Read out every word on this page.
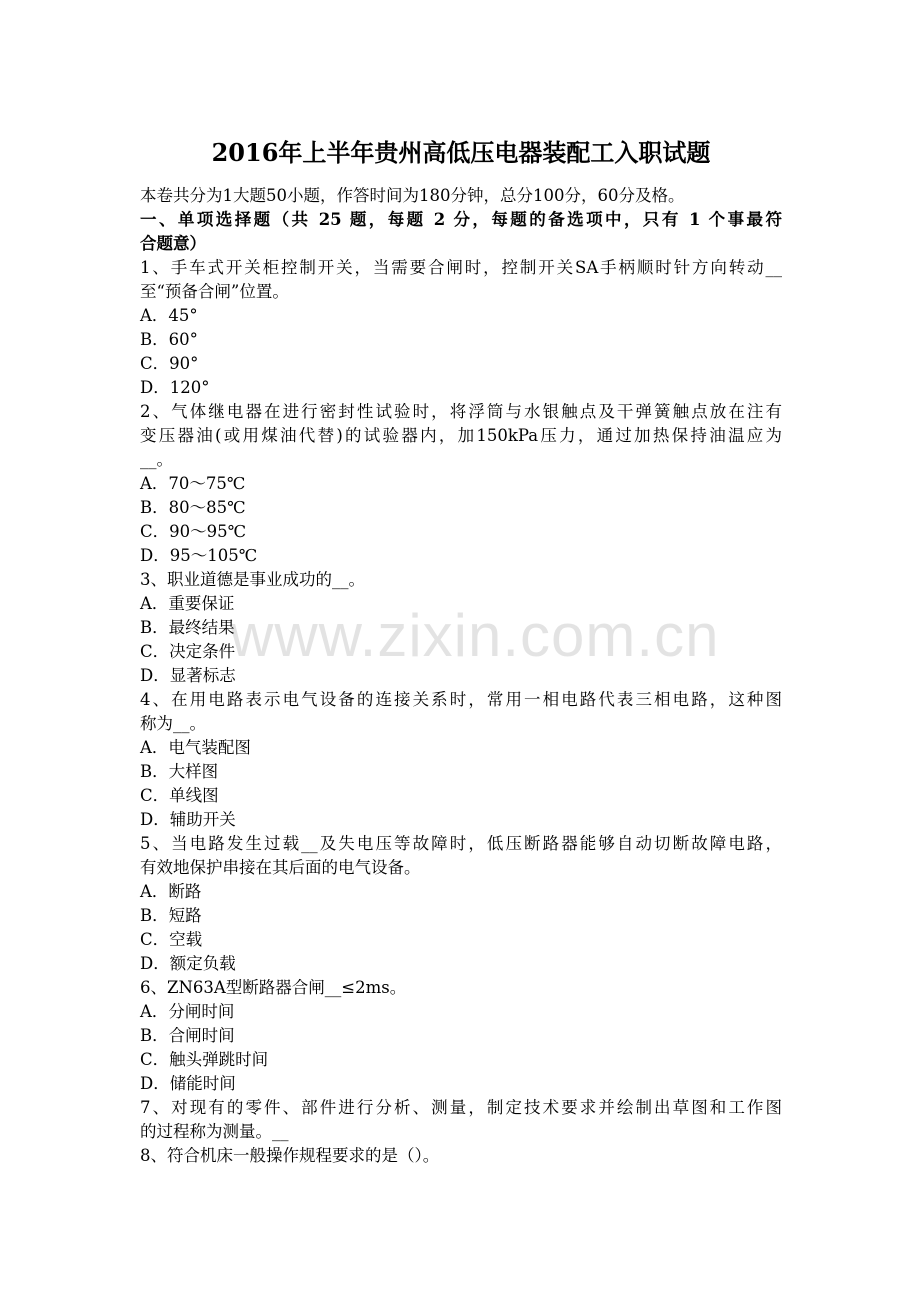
www.zixin.com.cn
2016年上半年贵州高低压电器装配工入职试题
本卷共分为1大题50小题，作答时间为180分钟，总分100分，60分及格。
一、单项选择题（共 25 题，每题 2 分，每题的备选项中，只有 1 个事最符
合题意）
1、手车式开关柜控制开关，当需要合闸时，控制开关SA手柄顺时针方向转动__
至“预备合闸”位置。
A．45°
B．60°
C．90°
D．120°
2、气体继电器在进行密封性试验时，将浮筒与水银触点及干弹簧触点放在注有
变压器油(或用煤油代替)的试验器内，加150kPa压力，通过加热保持油温应为
__。
A．70～75℃
B．80～85℃
C．90～95℃
D．95～105℃
3、职业道德是事业成功的__。
A．重要保证
B．最终结果
C．决定条件
D．显著标志
4、在用电路表示电气设备的连接关系时，常用一相电路代表三相电路，这种图
称为__。
A．电气装配图
B．大样图
C．单线图
D．辅助开关
5、当电路发生过载__及失电压等故障时，低压断路器能够自动切断故障电路，
有效地保护串接在其后面的电气设备。
A．断路
B．短路
C．空载
D．额定负载
6、ZN63A型断路器合闸__≤2ms。
A．分闸时间
B．合闸时间
C．触头弹跳时间
D．储能时间
7、对现有的零件、部件进行分析、测量，制定技术要求并绘制出草图和工作图
的过程称为测量。__
8、符合机床一般操作规程要求的是（）。
